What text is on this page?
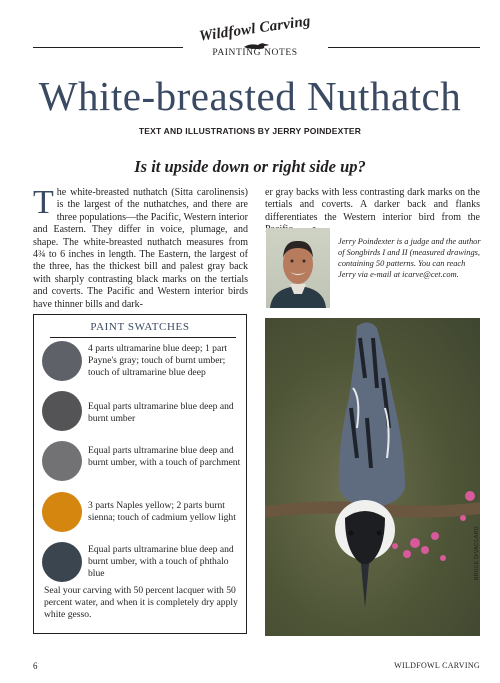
Wildfowl Carving
PAINTING NOTES
White-breasted Nuthatch
TEXT AND ILLUSTRATIONS BY JERRY POINDEXTER
Is it upside down or right side up?
The white-breasted nuthatch (Sitta carolinensis) is the largest of the nuthatches, and there are three populations—the Pacific, Western interior and Eastern. They differ in voice, plumage, and shape. The white-breasted nuthatch measures from 4¾ to 6 inches in length. The Eastern, the largest of the three, has the thickest bill and palest gray back with sharply contrasting black marks on the tertials and coverts. The Pacific and Western interior birds have thinner bills and dark-
er gray backs with less contrasting dark marks on the tertials and coverts. A darker back and flanks differentiates the Western interior bird from the
Jerry Poindexter is a judge and the author of Songbirds I and II (measured drawings, containing 50 patterns. You can reach Jerry via e-mail at icarve@cet.com.
PAINT SWATCHES
4 parts ultramarine blue deep; 1 part Payne's gray; touch of burnt umber; touch of ultramarine blue deep
Equal parts ultramarine blue deep and burnt umber
Equal parts ultramarine blue deep and burnt umber, with a touch of parchment
3 parts Naples yellow; 2 parts burnt sienna; touch of cadmium yellow light
Equal parts ultramarine blue deep and burnt umber, with a touch of phthalo blue
Seal your carving with 50 percent lacquer with 50 percent water, and when it is completely dry apply white gesso.
BRUCE DiVACCARO
6	WILDFOWL CARVING
